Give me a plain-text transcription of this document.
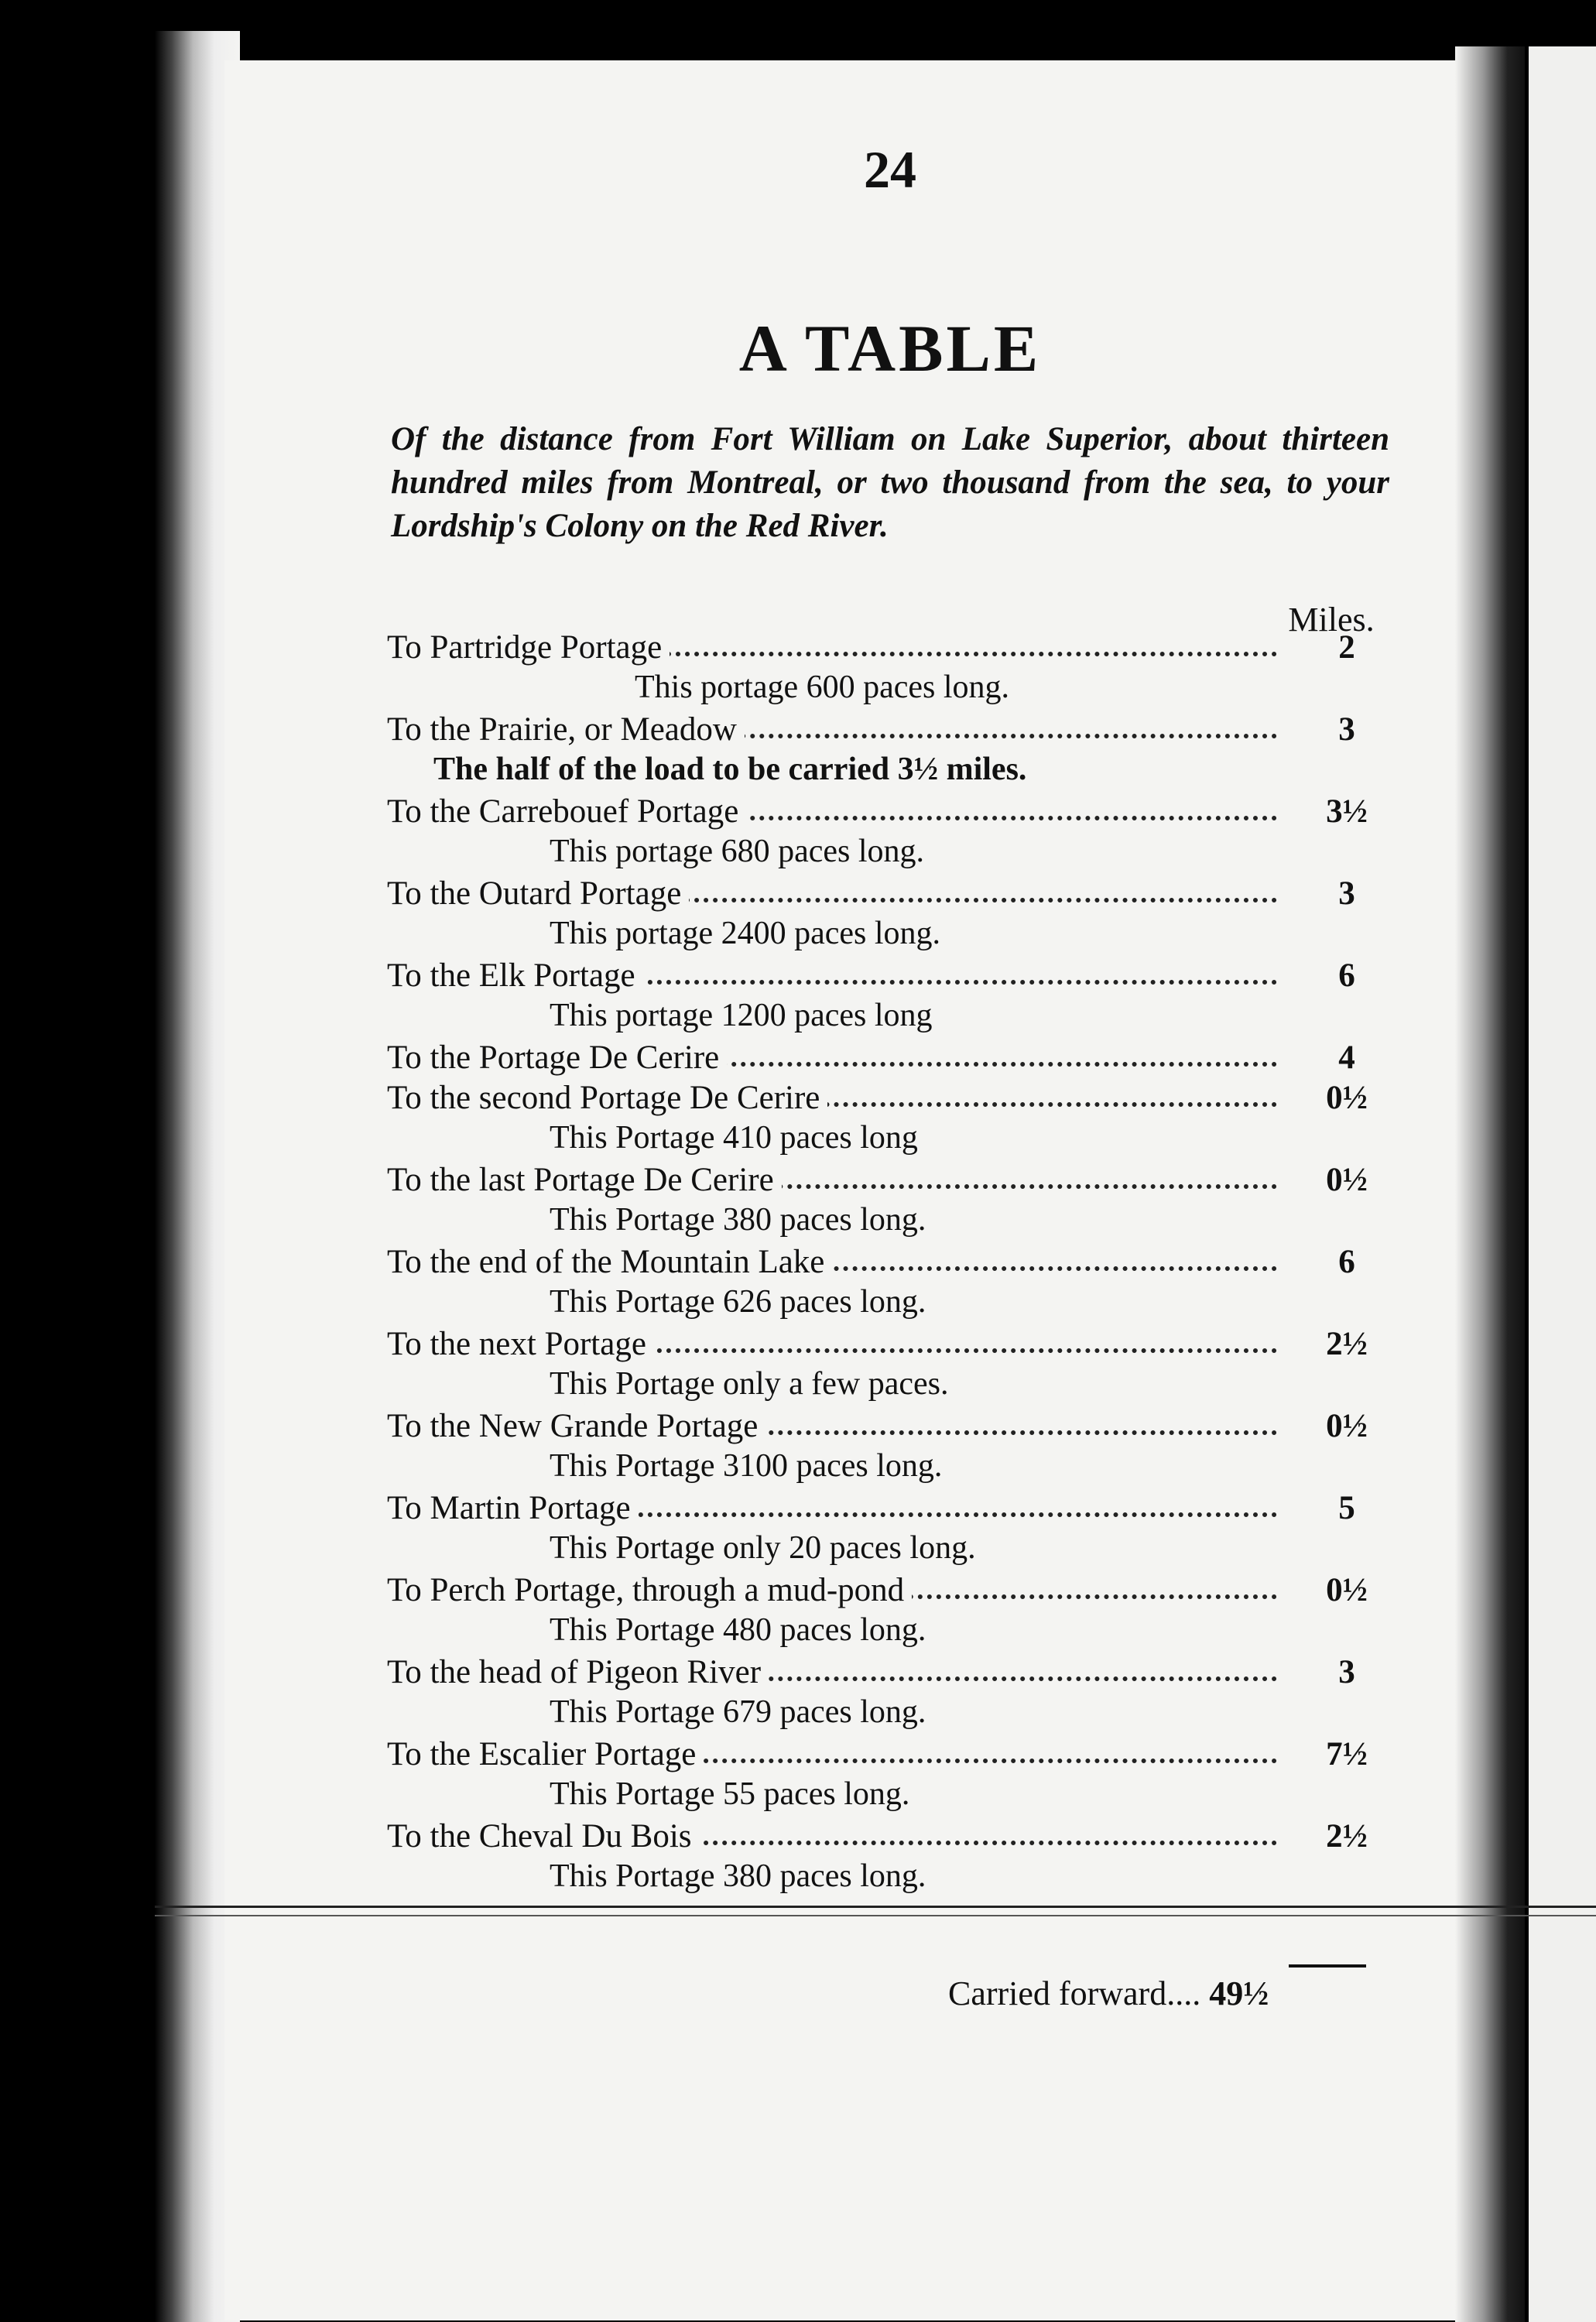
24
A TABLE
Of the distance from Fort William on Lake Superior, about thirteen hundred miles from Montreal, or two thousand from the sea, to your Lordship's Colony on the Red River.
Miles.
To Partridge Portage	2
This portage 600 paces long.
To the Prairie, or Meadow	3
The half of the load to be carried 3½ miles.
To the Carrebouef Portage	3½
This portage 680 paces long.
To the Outard Portage	3
This portage 2400 paces long.
To the Elk Portage	6
This portage 1200 paces long
To the Portage De Cerire	4
To the second Portage De Cerire	0½
This Portage 410 paces long
To the last Portage De Cerire	0½
This Portage 380 paces long.
To the end of the Mountain Lake	6
This Portage 626 paces long.
To the next Portage	2½
This Portage only a few paces.
To the New Grande Portage	0½
This Portage 3100 paces long.
To Martin Portage	5
This Portage only 20 paces long.
To Perch Portage, through a mud-pond	0½
This Portage 480 paces long.
To the head of Pigeon River	3
This Portage 679 paces long.
To the Escalier Portage	7½
This Portage 55 paces long.
To the Cheval Du Bois	2½
This Portage 380 paces long.
Carried forward.... 49½
